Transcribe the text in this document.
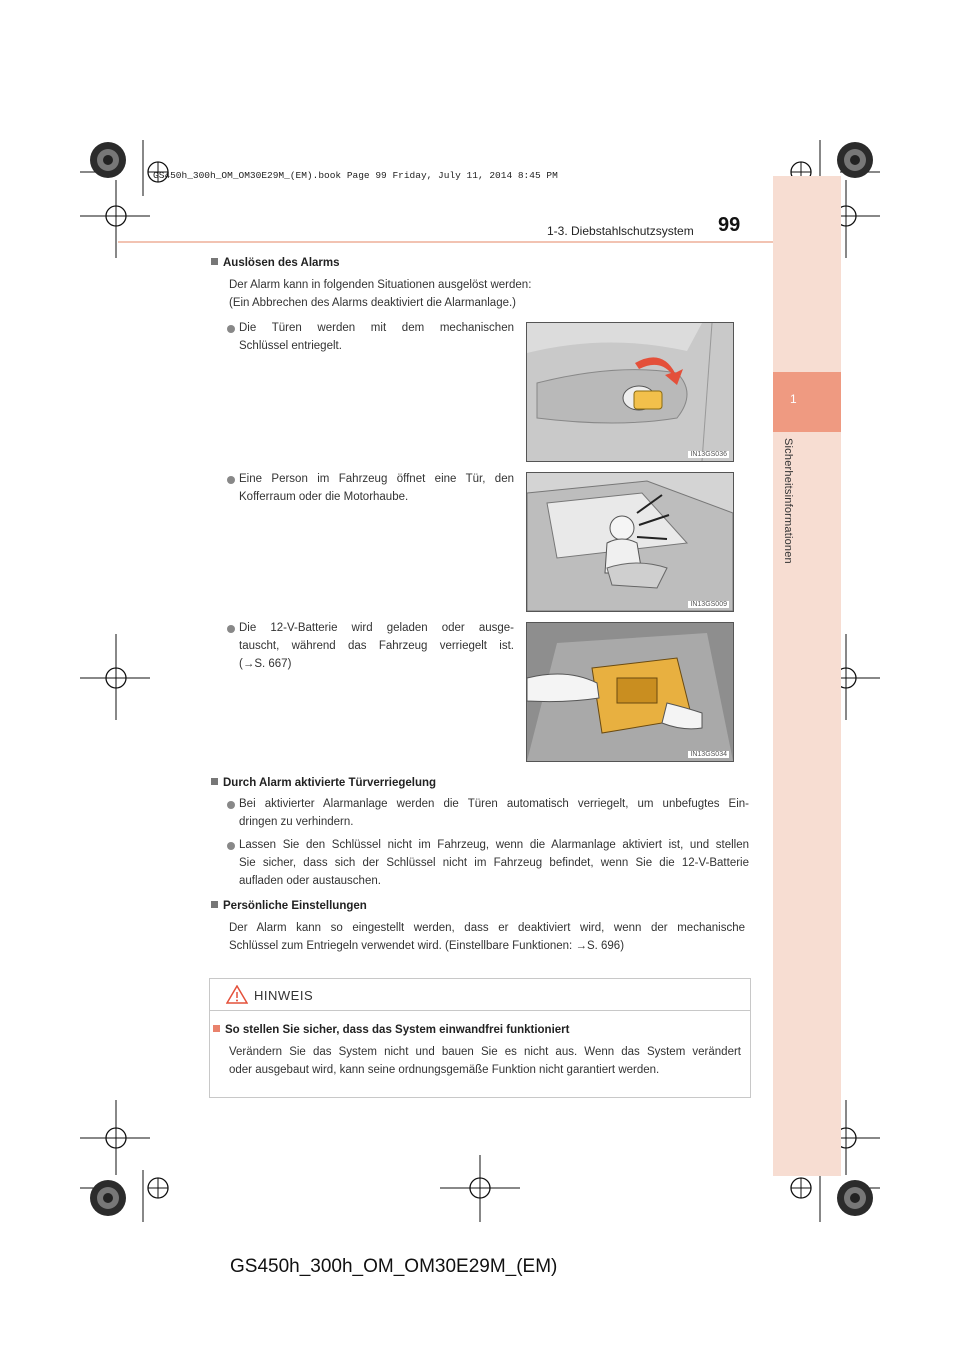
GS450h_300h_OM_OM30E29M_(EM).book Page 99 Friday, July 11, 2014 8:45 PM
1
Sicherheitsinformationen
1-3. Diebstahlschutzsystem 99
Auslösen des Alarms
Der Alarm kann in folgenden Situationen ausgelöst werden:
(Ein Abbrechen des Alarms deaktiviert die Alarmanlage.)
Die Türen werden mit dem mechanischen
Schlüssel entriegelt.
IN13GS036
Eine Person im Fahrzeug öffnet eine Tür, den
Kofferraum oder die Motorhaube.
IN13GS009
Die 12-V-Batterie wird geladen oder ausge-
tauscht, während das Fahrzeug verriegelt ist.
(→S. 667)
IN13GS034
Durch Alarm aktivierte Türverriegelung
Bei aktivierter Alarmanlage werden die Türen automatisch verriegelt, um unbefugtes Ein-
dringen zu verhindern.
Lassen Sie den Schlüssel nicht im Fahrzeug, wenn die Alarmanlage aktiviert ist, und stellen
Sie sicher, dass sich der Schlüssel nicht im Fahrzeug befindet, wenn Sie die 12-V-Batterie
aufladen oder austauschen.
Persönliche Einstellungen
Der Alarm kann so eingestellt werden, dass er deaktiviert wird, wenn der mechanische
Schlüssel zum Entriegeln verwendet wird. (Einstellbare Funktionen: →S. 696)
HINWEIS
So stellen Sie sicher, dass das System einwandfrei funktioniert
Verändern Sie das System nicht und bauen Sie es nicht aus. Wenn das System verändert
oder ausgebaut wird, kann seine ordnungsgemäße Funktion nicht garantiert werden.
GS450h_300h_OM_OM30E29M_(EM)
